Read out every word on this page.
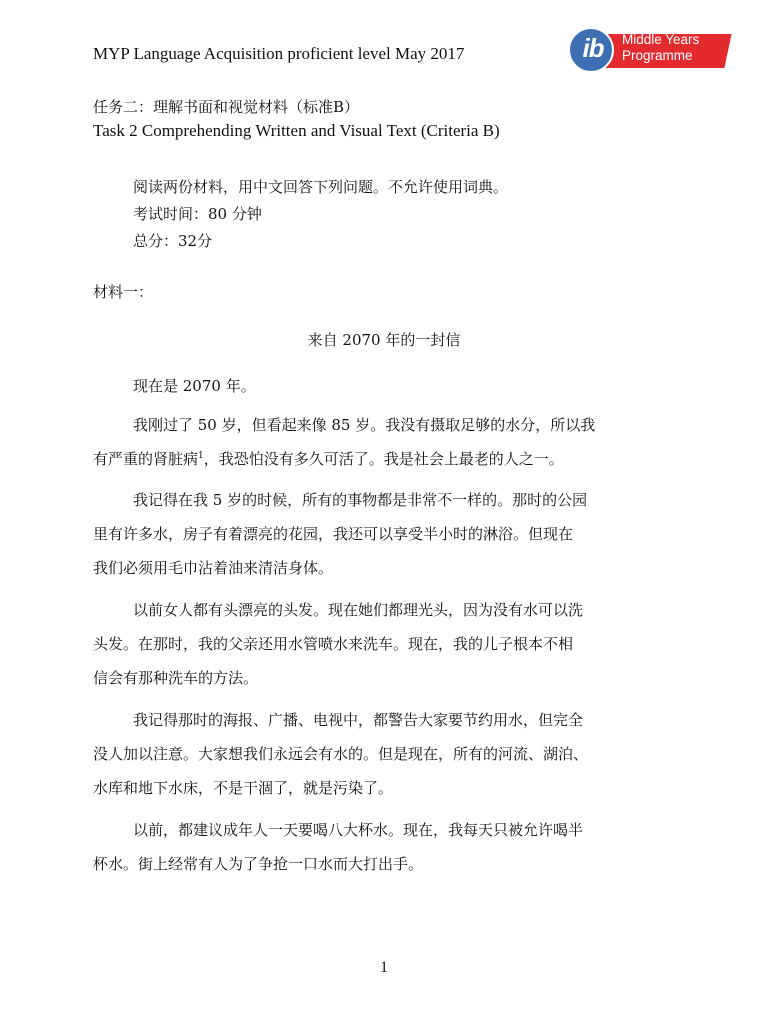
MYP Language Acquisition proficient level May 2017
Middle Years
Programme
ib
任务二：理解书面和视觉材料（标准B）
Task 2 Comprehending Written and Visual Text (Criteria B)
阅读两份材料，用中文回答下列问题。不允许使用词典。
考试时间：80 分钟
总分：32分
材料一：
来自 2070 年的一封信
现在是 2070 年。
我刚过了 50 岁，但看起来像 85 岁。我没有摄取足够的水分，所以我
有严重的肾脏病$^1$，我恐怕没有多久可活了。我是社会上最老的人之一。
我记得在我 5 岁的时候，所有的事物都是非常不一样的。那时的公园
里有许多水，房子有着漂亮的花园，我还可以享受半小时的淋浴。但现在
我们必须用毛巾沾着油来清洁身体。
以前女人都有头漂亮的头发。现在她们都理光头，因为没有水可以洗
头发。在那时，我的父亲还用水管喷水来洗车。现在，我的儿子根本不相
信会有那种洗车的方法。
我记得那时的海报、广播、电视中，都警告大家要节约用水，但完全
没人加以注意。大家想我们永远会有水的。但是现在，所有的河流、湖泊、
水库和地下水床，不是干涸了，就是污染了。
以前，都建议成年人一天要喝八大杯水。现在，我每天只被允许喝半
杯水。街上经常有人为了争抢一口水而大打出手。
1
